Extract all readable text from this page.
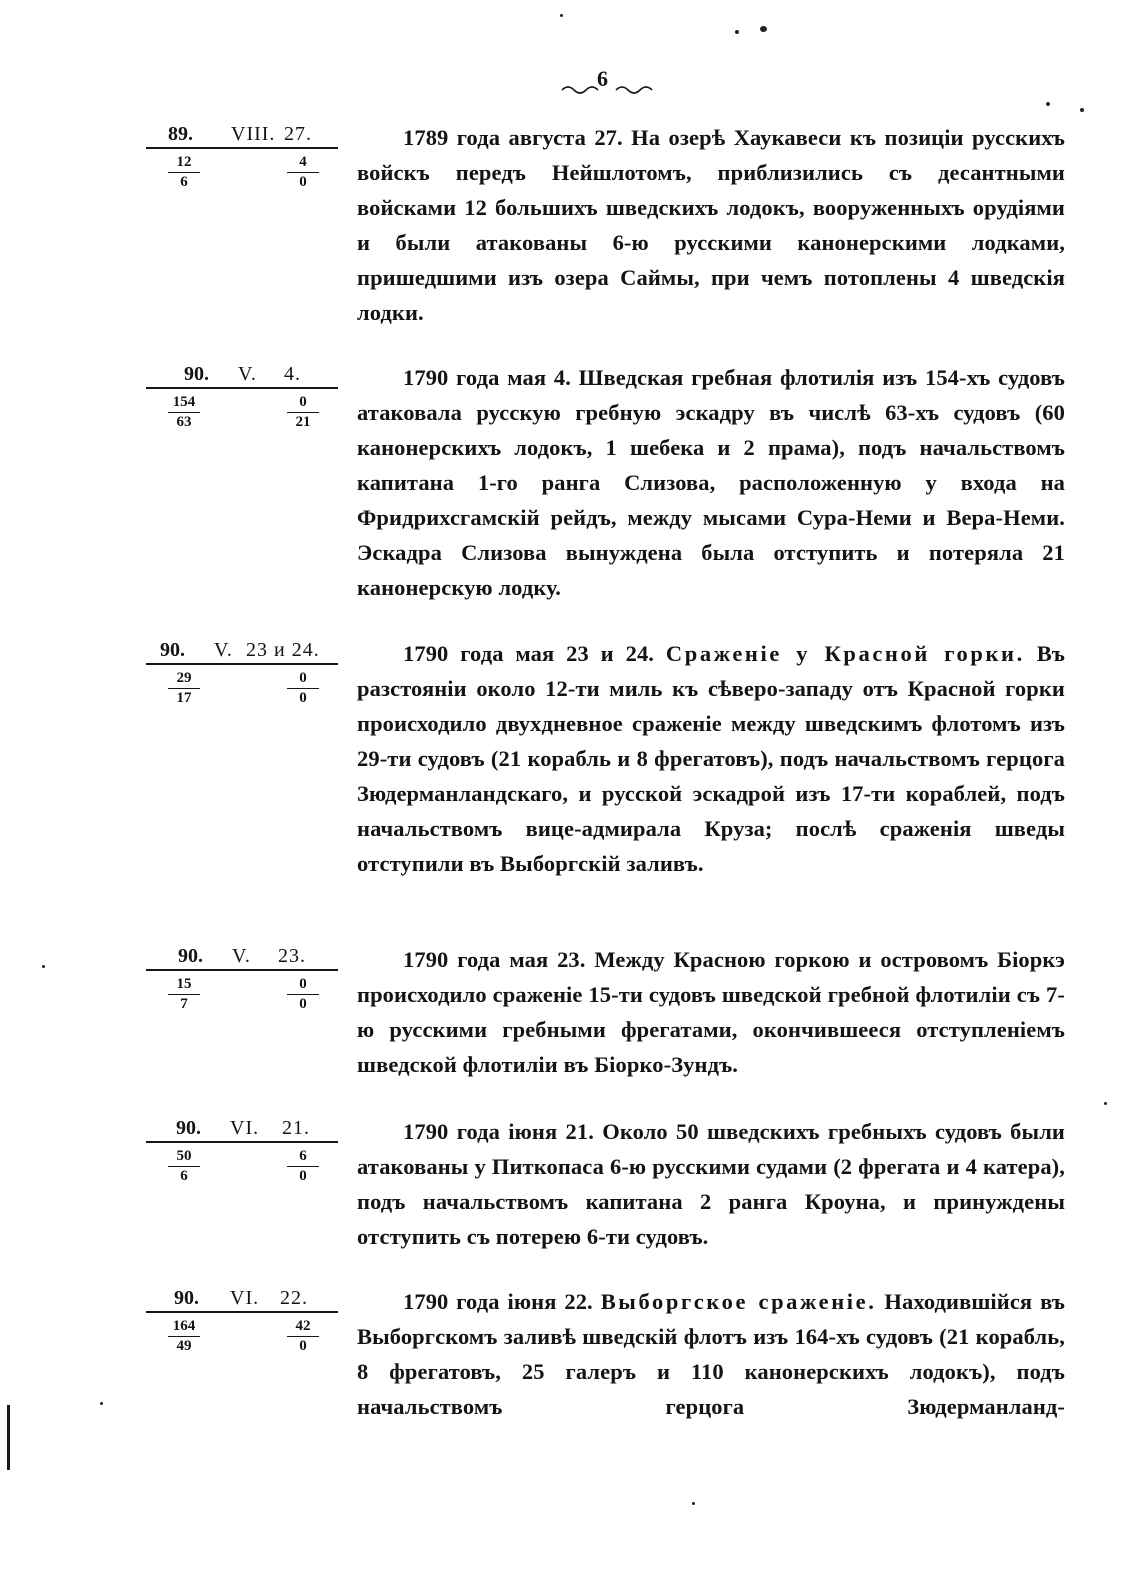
6
89. VIII. 27.
12
6
4
0

1789 года августа 27. На озерѣ Хаукавеси къ позиціи русскихъ войскъ передъ Нейшлотомъ, приблизились съ десантными войсками 12 большихъ шведскихъ лодокъ, вооруженныхъ орудіями и были атакованы 6-ю русскими канонерскими лодками, пришедшими изъ озера Саймы, при чемъ потоплены 4 шведскія лодки.

90. V. 4.
154
63
0
21

1790 года мая 4. Шведская гребная флотилія изъ 154-хъ судовъ атаковала русскую гребную эскадру въ числѣ 63-хъ судовъ (60 канонерскихъ лодокъ, 1 шебека и 2 прама), подъ начальствомъ капитана 1-го ранга Слизова, расположенную у входа на Фридрихсгамскій рейдъ, между мысами Сура-Неми и Вера-Неми. Эскадра Слизова вынуждена была отступить и потеряла 21 канонерскую лодку.

90. V. 23 и 24.
29
17
0
0

1790 года мая 23 и 24. Сраженіе у Красной горки. Въ разстояніи около 12-ти миль къ сѣверо-западу отъ Красной горки происходило двухдневное сраженіе между шведскимъ флотомъ изъ 29-ти судовъ (21 корабль и 8 фрегатовъ), подъ начальствомъ герцога Зюдерманландскаго, и русской эскадрой изъ 17-ти кораблей, подъ начальствомъ вице-адмирала Круза; послѣ сраженія шведы отступили въ Выборгскій заливъ.

90. V. 23.
15
7
0
0

1790 года мая 23. Между Красною горкою и островомъ Біоркэ происходило сраженіе 15-ти судовъ шведской гребной флотиліи съ 7-ю русскими гребными фрегатами, окончившееся отступленіемъ шведской флотиліи въ Біорко-Зундъ.

90. VI. 21.
50
6
6
0

1790 года іюня 21. Около 50 шведскихъ гребныхъ судовъ были атакованы у Питкопаса 6-ю русскими судами (2 фрегата и 4 катера), подъ начальствомъ капитана 2 ранга Кроуна, и принуждены отступить съ потерею 6-ти судовъ.

90. VI. 22.
164
49
42
0

1790 года іюня 22. Выборгское сраженіе. Находившійся въ Выборгскомъ заливѣ шведскій флотъ изъ 164-хъ судовъ (21 корабль, 8 фрегатовъ, 25 галеръ и 110 канонерскихъ лодокъ), подъ начальствомъ герцога Зюдерманланд-
